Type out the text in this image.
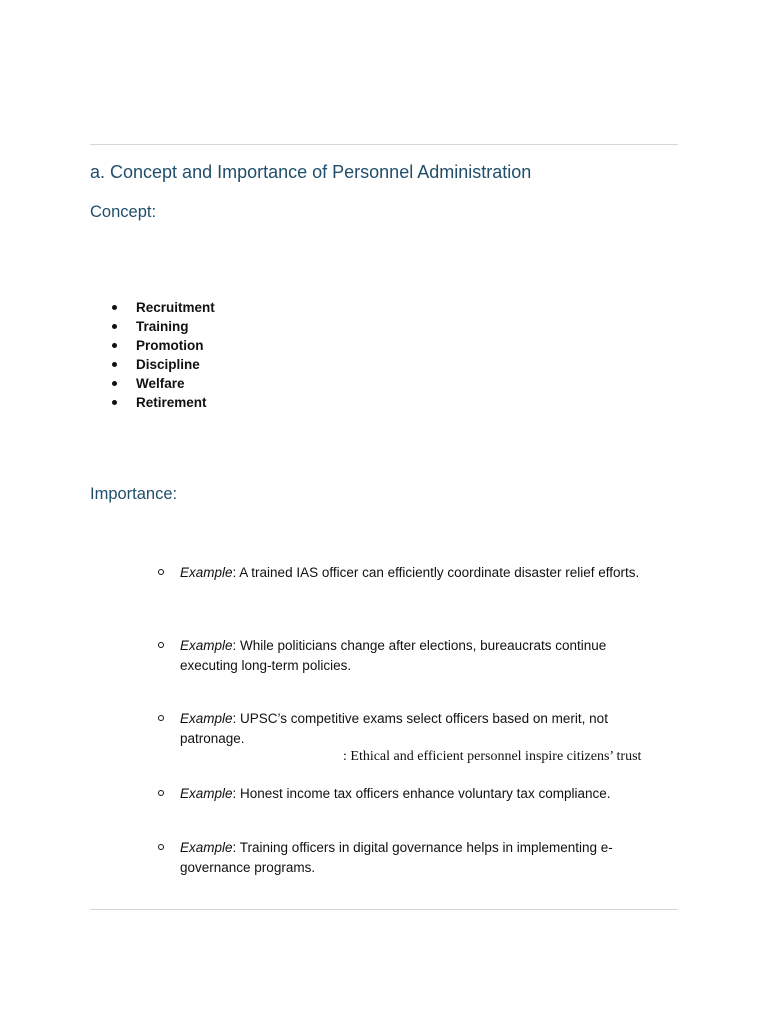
a. Concept and Importance of Personnel Administration
Concept:
Recruitment
Training
Promotion
Discipline
Welfare
Retirement
Importance:
Example: A trained IAS officer can efficiently coordinate disaster relief efforts.
Example: While politicians change after elections, bureaucrats continue executing long-term policies.
Example: UPSC’s competitive exams select officers based on merit, not patronage.
: Ethical and efficient personnel inspire citizens’ trust
Example: Honest income tax officers enhance voluntary tax compliance.
Example: Training officers in digital governance helps in implementing e-governance programs.
